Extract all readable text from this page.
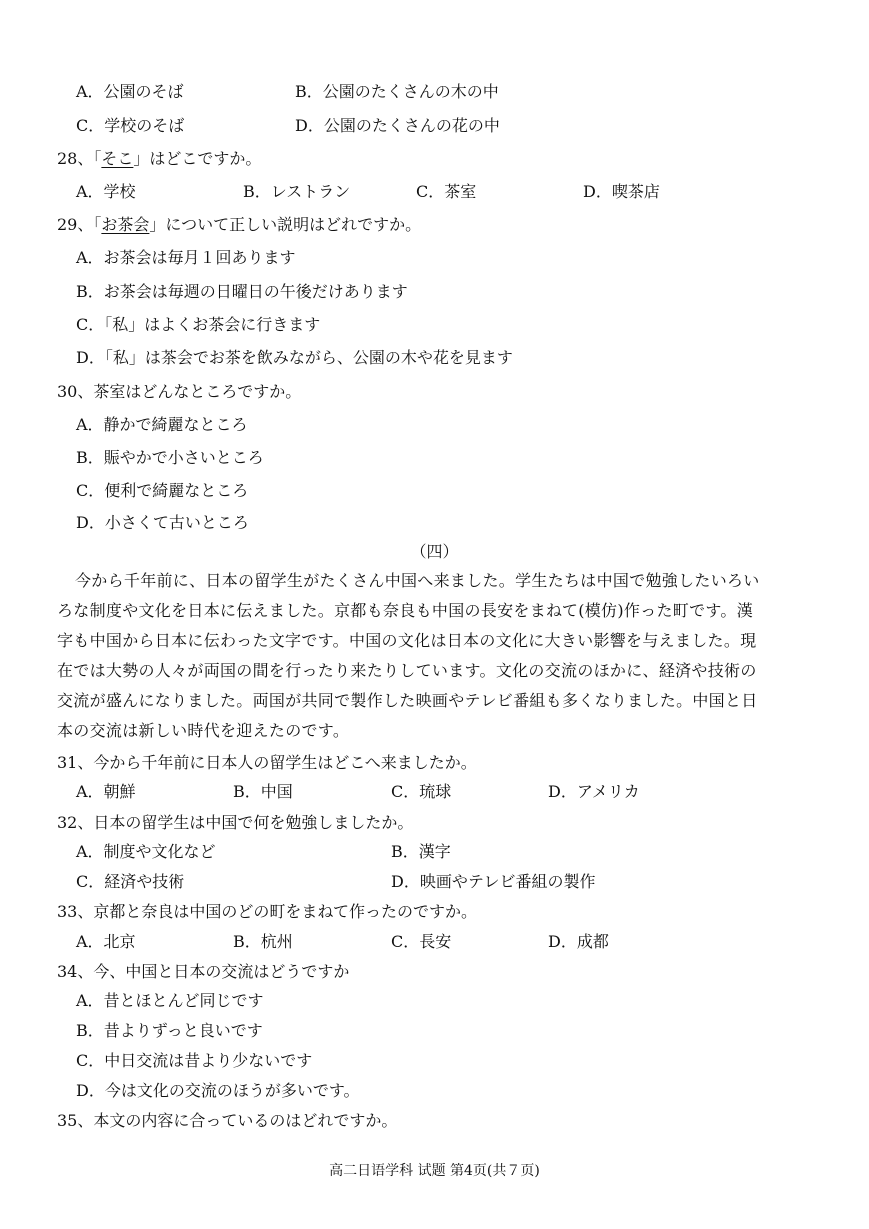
A．公園のそば	B．公園のたくさんの木の中
C．学校のそば	D．公園のたくさんの花の中
28、「そこ」はどこですか。
A．学校	B．レストラン	C．茶室	D．喫茶店
29、「お茶会」について正しい説明はどれですか。
A．お茶会は毎月１回あります
B．お茶会は毎週の日曜日の午後だけあります
C．「私」はよくお茶会に行きます
D．「私」は茶会でお茶を飲みながら、公園の木や花を見ます
30、茶室はどんなところですか。
A．静かで綺麗なところ
B．賑やかで小さいところ
C．便利で綺麗なところ
D．小さくて古いところ
（四）
今から千年前に、日本の留学生がたくさん中国へ来ました。学生たちは中国で勉強したいろい
ろな制度や文化を日本に伝えました。京都も奈良も中国の長安をまねて(模仿)作った町です。漢
字も中国から日本に伝わった文字です。中国の文化は日本の文化に大きい影響を与えました。現
在では大勢の人々が両国の間を行ったり来たりしています。文化の交流のほかに、経済や技術の
交流が盛んになりました。両国が共同で製作した映画やテレビ番組も多くなりました。中国と日
本の交流は新しい時代を迎えたのです。
31、今から千年前に日本人の留学生はどこへ来ましたか。
A．朝鮮	B．中国	C．琉球	D．アメリカ
32、日本の留学生は中国で何を勉強しましたか。
A．制度や文化など	B．漢字
C．経済や技術	D．映画やテレビ番組の製作
33、京都と奈良は中国のどの町をまねて作ったのですか。
A．北京	B．杭州	C．長安	D．成都
34、今、中国と日本の交流はどうですか
A．昔とほとんど同じです
B．昔よりずっと良いです
C．中日交流は昔より少ないです
D．今は文化の交流のほうが多いです。
35、本文の内容に合っているのはどれですか。
高二日语学科 试题 第4页(共７页)
